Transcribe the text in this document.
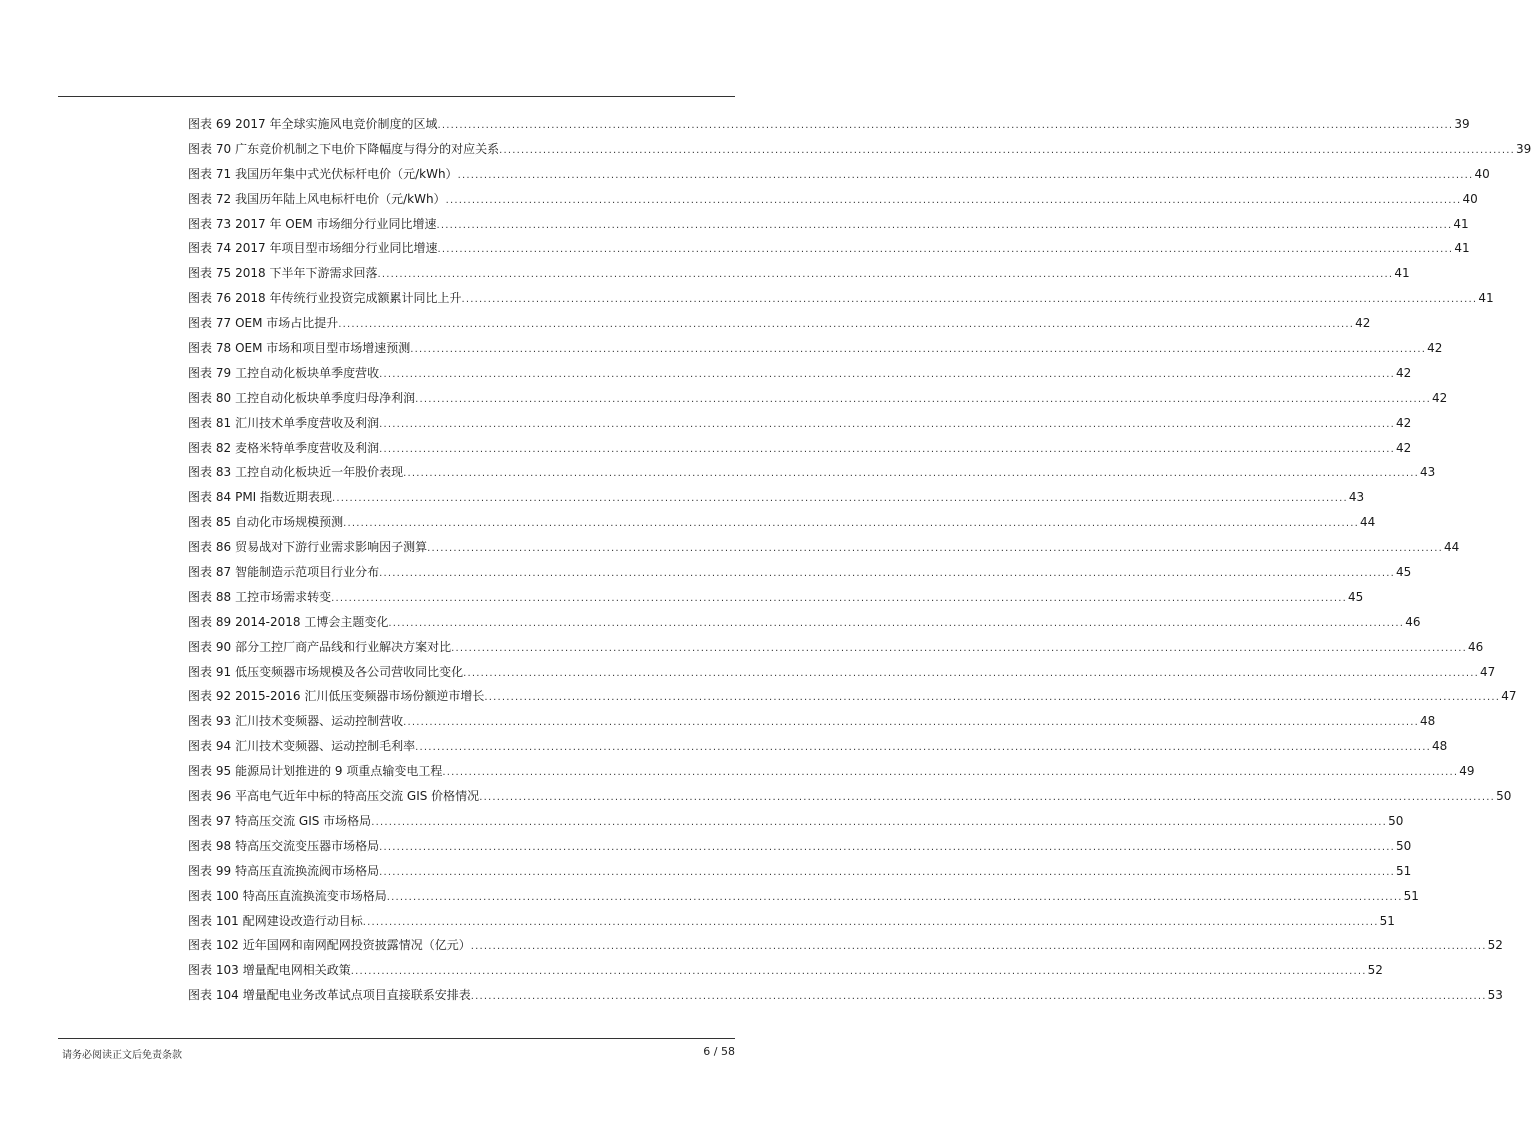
图表 69 2017 年全球实施风电竞价制度的区域 .....	39
图表 70 广东竞价机制之下电价下降幅度与得分的对应关系 .....	39
图表 71 我国历年集中式光伏标杆电价（元/kWh） .....	40
图表 72 我国历年陆上风电标杆电价（元/kWh） .....	40
图表 73 2017 年 OEM 市场细分行业同比增速 .....	41
图表 74 2017 年项目型市场细分行业同比增速 .....	41
图表 75 2018 下半年下游需求回落 .....	41
图表 76 2018 年传统行业投资完成额累计同比上升 .....	41
图表 77 OEM 市场占比提升 .....	42
图表 78 OEM 市场和项目型市场增速预测 .....	42
图表 79 工控自动化板块单季度营收 .....	42
图表 80 工控自动化板块单季度归母净利润 .....	42
图表 81 汇川技术单季度营收及利润 .....	42
图表 82 麦格米特单季度营收及利润 .....	42
图表 83 工控自动化板块近一年股价表现 .....	43
图表 84 PMI 指数近期表现 .....	43
图表 85 自动化市场规模预测 .....	44
图表 86 贸易战对下游行业需求影响因子测算 .....	44
图表 87 智能制造示范项目行业分布 .....	45
图表 88 工控市场需求转变 .....	45
图表 89 2014-2018 工博会主题变化 .....	46
图表 90 部分工控厂商产品线和行业解决方案对比 .....	46
图表 91 低压变频器市场规模及各公司营收同比变化 .....	47
图表 92 2015-2016 汇川低压变频器市场份额逆市增长 .....	47
图表 93 汇川技术变频器、运动控制营收 .....	48
图表 94 汇川技术变频器、运动控制毛利率 .....	48
图表 95 能源局计划推进的 9 项重点输变电工程 .....	49
图表 96 平高电气近年中标的特高压交流 GIS 价格情况 .....	50
图表 97 特高压交流 GIS 市场格局 .....	50
图表 98 特高压交流变压器市场格局 .....	50
图表 99 特高压直流换流阀市场格局 .....	51
图表 100 特高压直流换流变市场格局 .....	51
图表 101 配网建设改造行动目标 .....	51
图表 102 近年国网和南网配网投资披露情况（亿元） .....	52
图表 103 增量配电网相关政策 .....	52
图表 104 增量配电业务改革试点项目直接联系安排表 .....	53
请务必阅读正文后免责条款	6 / 58
